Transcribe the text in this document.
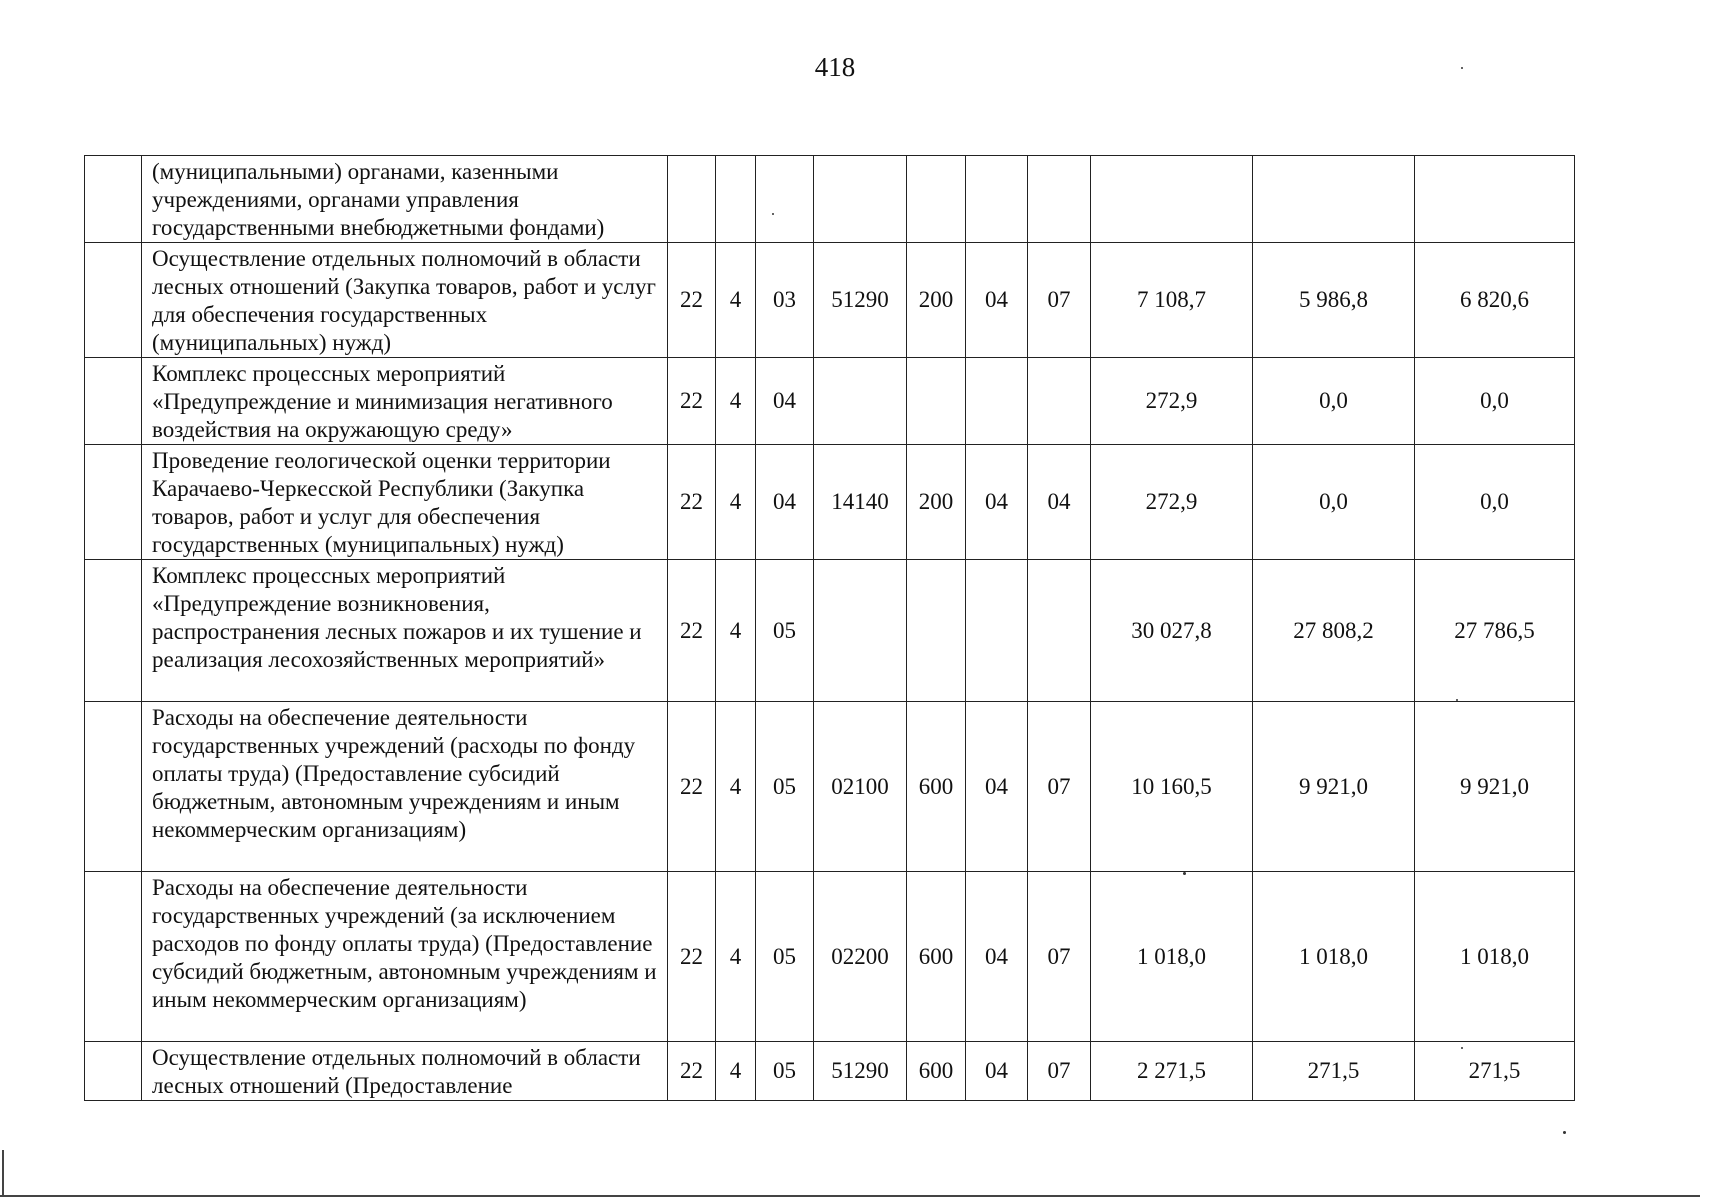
418
	(муниципальными) органами, казенными учреждениями, органами управления государственными внебюджетными фондами)										
	Осуществление отдельных полномочий в области лесных отношений (Закупка товаров, работ и услуг для обеспечения государственных (муниципальных) нужд)	22	4	03	51290	200	04	07	7 108,7	5 986,8	6 820,6
	Комплекс процессных мероприятий «Предупреждение и минимизация негативного воздействия на окружающую среду»	22	4	04					272,9	0,0	0,0
	Проведение геологической оценки территории Карачаево-Черкесской Республики (Закупка товаров, работ и услуг для обеспечения государственных (муниципальных) нужд)	22	4	04	14140	200	04	04	272,9	0,0	0,0
	Комплекс процессных мероприятий «Предупреждение возникновения, распространения лесных пожаров и их тушение и реализация лесохозяйственных мероприятий»	22	4	05					30 027,8	27 808,2	27 786,5
	Расходы на обеспечение деятельности государственных учреждений (расходы по фонду оплаты труда) (Предоставление субсидий бюджетным, автономным учреждениям и иным некоммерческим организациям)	22	4	05	02100	600	04	07	10 160,5	9 921,0	9 921,0
	Расходы на обеспечение деятельности государственных учреждений (за исключением расходов по фонду оплаты труда) (Предоставление субсидий бюджетным, автономным учреждениям и иным некоммерческим организациям)	22	4	05	02200	600	04	07	1 018,0	1 018,0	1 018,0
	Осуществление отдельных полномочий в области лесных отношений (Предоставление	22	4	05	51290	600	04	07	2 271,5	271,5	271,5
